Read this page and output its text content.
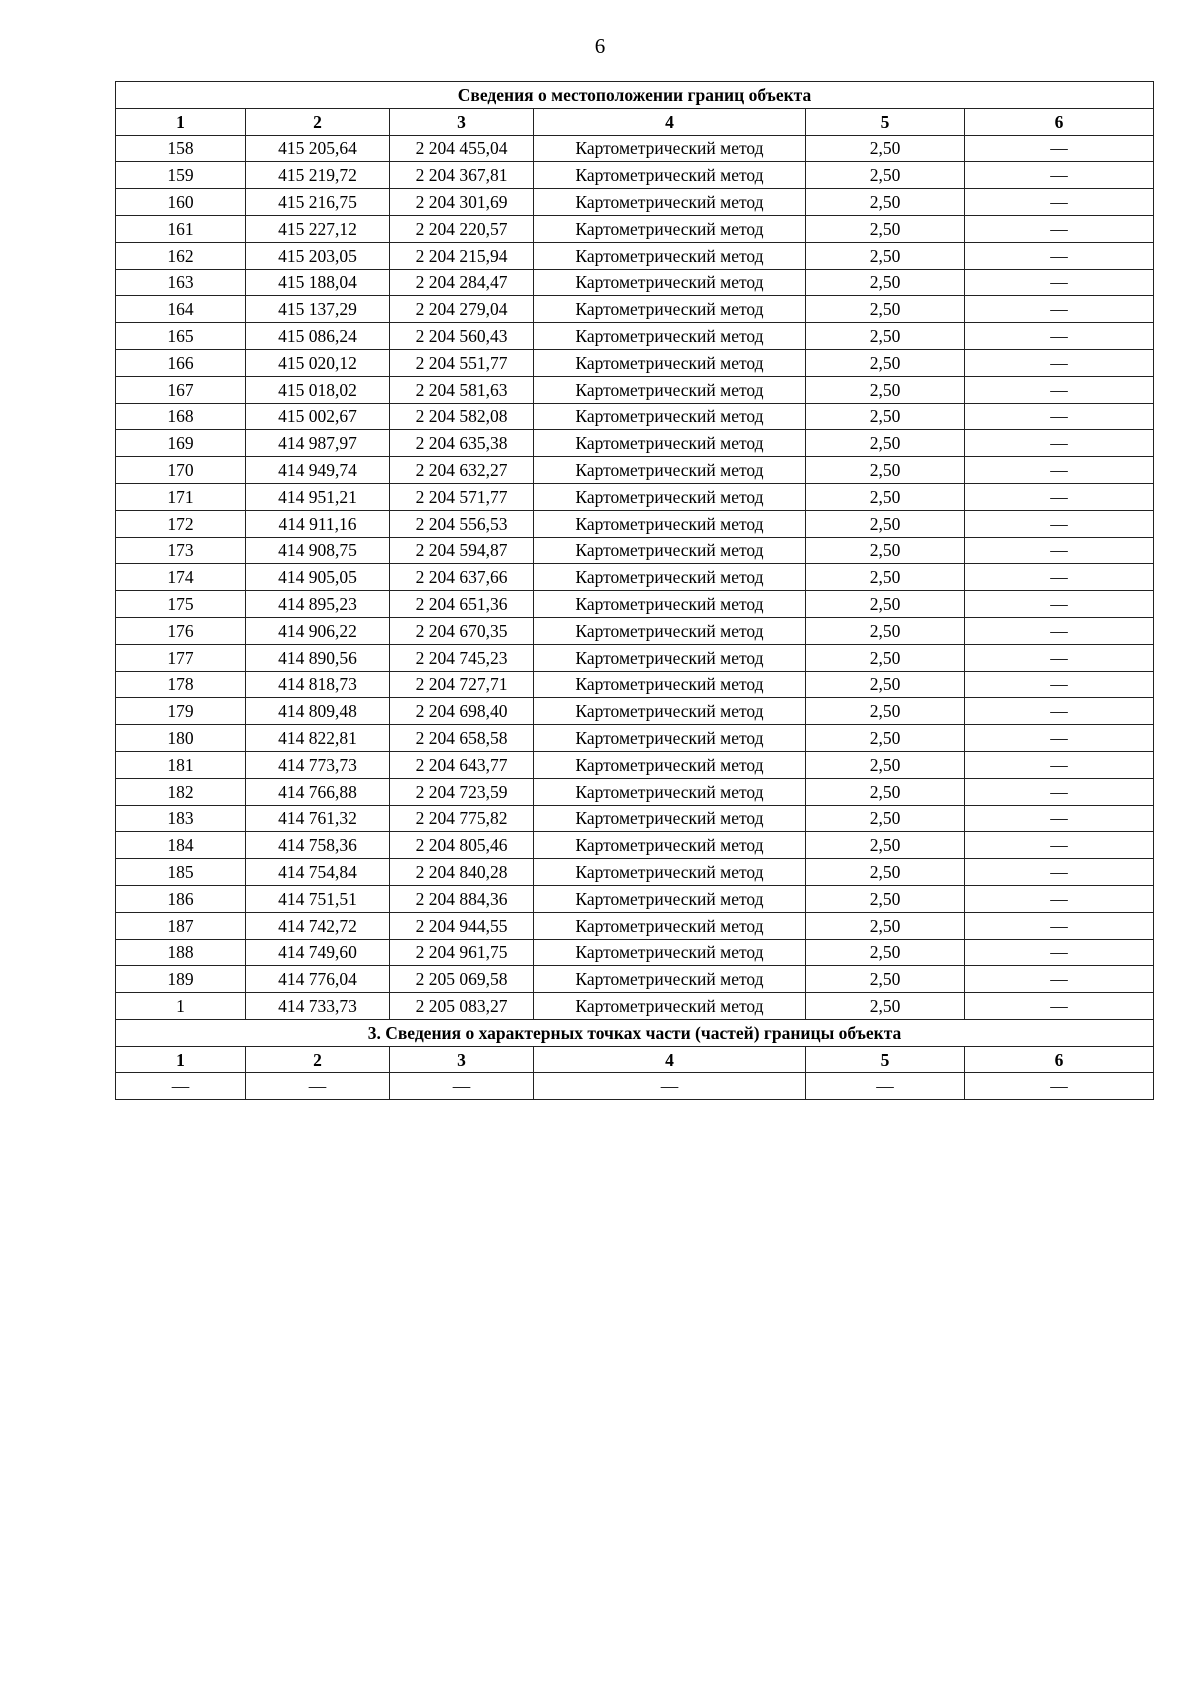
6
Сведения о местоположении границ объекта					
1	2	3	4	5	6
158	415 205,64	2 204 455,04	Картометрический метод	2,50	—
159	415 219,72	2 204 367,81	Картометрический метод	2,50	—
160	415 216,75	2 204 301,69	Картометрический метод	2,50	—
161	415 227,12	2 204 220,57	Картометрический метод	2,50	—
162	415 203,05	2 204 215,94	Картометрический метод	2,50	—
163	415 188,04	2 204 284,47	Картометрический метод	2,50	—
164	415 137,29	2 204 279,04	Картометрический метод	2,50	—
165	415 086,24	2 204 560,43	Картометрический метод	2,50	—
166	415 020,12	2 204 551,77	Картометрический метод	2,50	—
167	415 018,02	2 204 581,63	Картометрический метод	2,50	—
168	415 002,67	2 204 582,08	Картометрический метод	2,50	—
169	414 987,97	2 204 635,38	Картометрический метод	2,50	—
170	414 949,74	2 204 632,27	Картометрический метод	2,50	—
171	414 951,21	2 204 571,77	Картометрический метод	2,50	—
172	414 911,16	2 204 556,53	Картометрический метод	2,50	—
173	414 908,75	2 204 594,87	Картометрический метод	2,50	—
174	414 905,05	2 204 637,66	Картометрический метод	2,50	—
175	414 895,23	2 204 651,36	Картометрический метод	2,50	—
176	414 906,22	2 204 670,35	Картометрический метод	2,50	—
177	414 890,56	2 204 745,23	Картометрический метод	2,50	—
178	414 818,73	2 204 727,71	Картометрический метод	2,50	—
179	414 809,48	2 204 698,40	Картометрический метод	2,50	—
180	414 822,81	2 204 658,58	Картометрический метод	2,50	—
181	414 773,73	2 204 643,77	Картометрический метод	2,50	—
182	414 766,88	2 204 723,59	Картометрический метод	2,50	—
183	414 761,32	2 204 775,82	Картометрический метод	2,50	—
184	414 758,36	2 204 805,46	Картометрический метод	2,50	—
185	414 754,84	2 204 840,28	Картометрический метод	2,50	—
186	414 751,51	2 204 884,36	Картометрический метод	2,50	—
187	414 742,72	2 204 944,55	Картометрический метод	2,50	—
188	414 749,60	2 204 961,75	Картометрический метод	2,50	—
189	414 776,04	2 205 069,58	Картометрический метод	2,50	—
1	414 733,73	2 205 083,27	Картометрический метод	2,50	—
3. Сведения о характерных точках части (частей) границы объекта					
1	2	3	4	5	6
—	—	—	—	—	—
